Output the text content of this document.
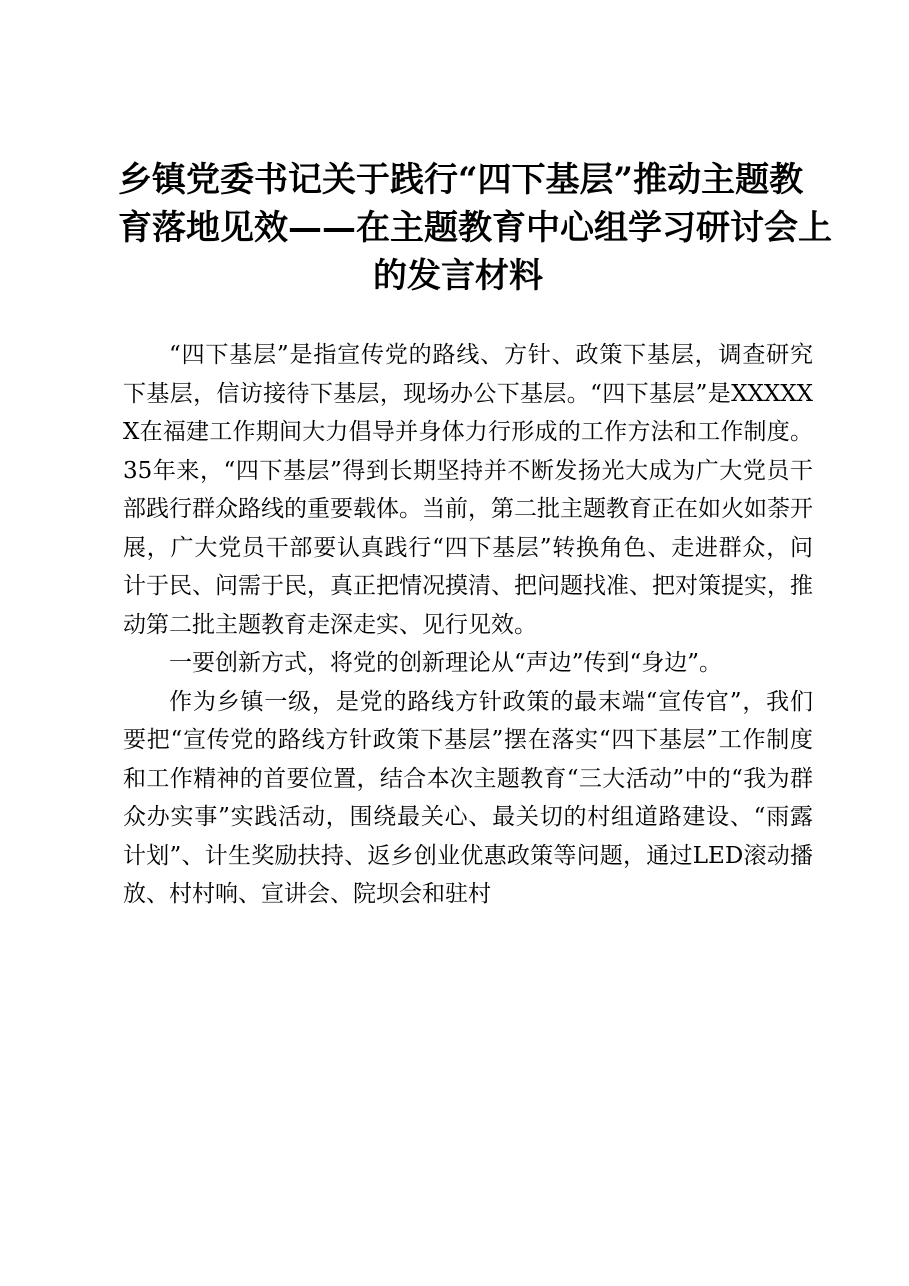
乡镇党委书记关于践行“四下基层”推动主题教
育落地见效——在主题教育中心组学习研讨会上
的发言材料

“四下基层”是指宣传党的路线、方针、政策下基层，调查研究下基层，信访接待下基层，现场办公下基层。“四下基层”是XXXXXX在福建工作期间大力倡导并身体力行形成的工作方法和工作制度。35年来，“四下基层”得到长期坚持并不断发扬光大成为广大党员干部践行群众路线的重要载体。当前，第二批主题教育正在如火如荼开展，广大党员干部要认真践行“四下基层”转换角色、走进群众，问计于民、问需于民，真正把情况摸清、把问题找准、把对策提实，推动第二批主题教育走深走实、见行见效。

一要创新方式，将党的创新理论从“声边”传到“身边”。

作为乡镇一级，是党的路线方针政策的最末端“宣传官”，我们要把“宣传党的路线方针政策下基层”摆在落实“四下基层”工作制度和工作精神的首要位置，结合本次主题教育“三大活动”中的“我为群众办实事”实践活动，围绕最关心、最关切的村组道路建设、“雨露计划”、计生奖励扶持、返乡创业优惠政策等问题，通过LED滚动播放、村村响、宣讲会、院坝会和驻村
